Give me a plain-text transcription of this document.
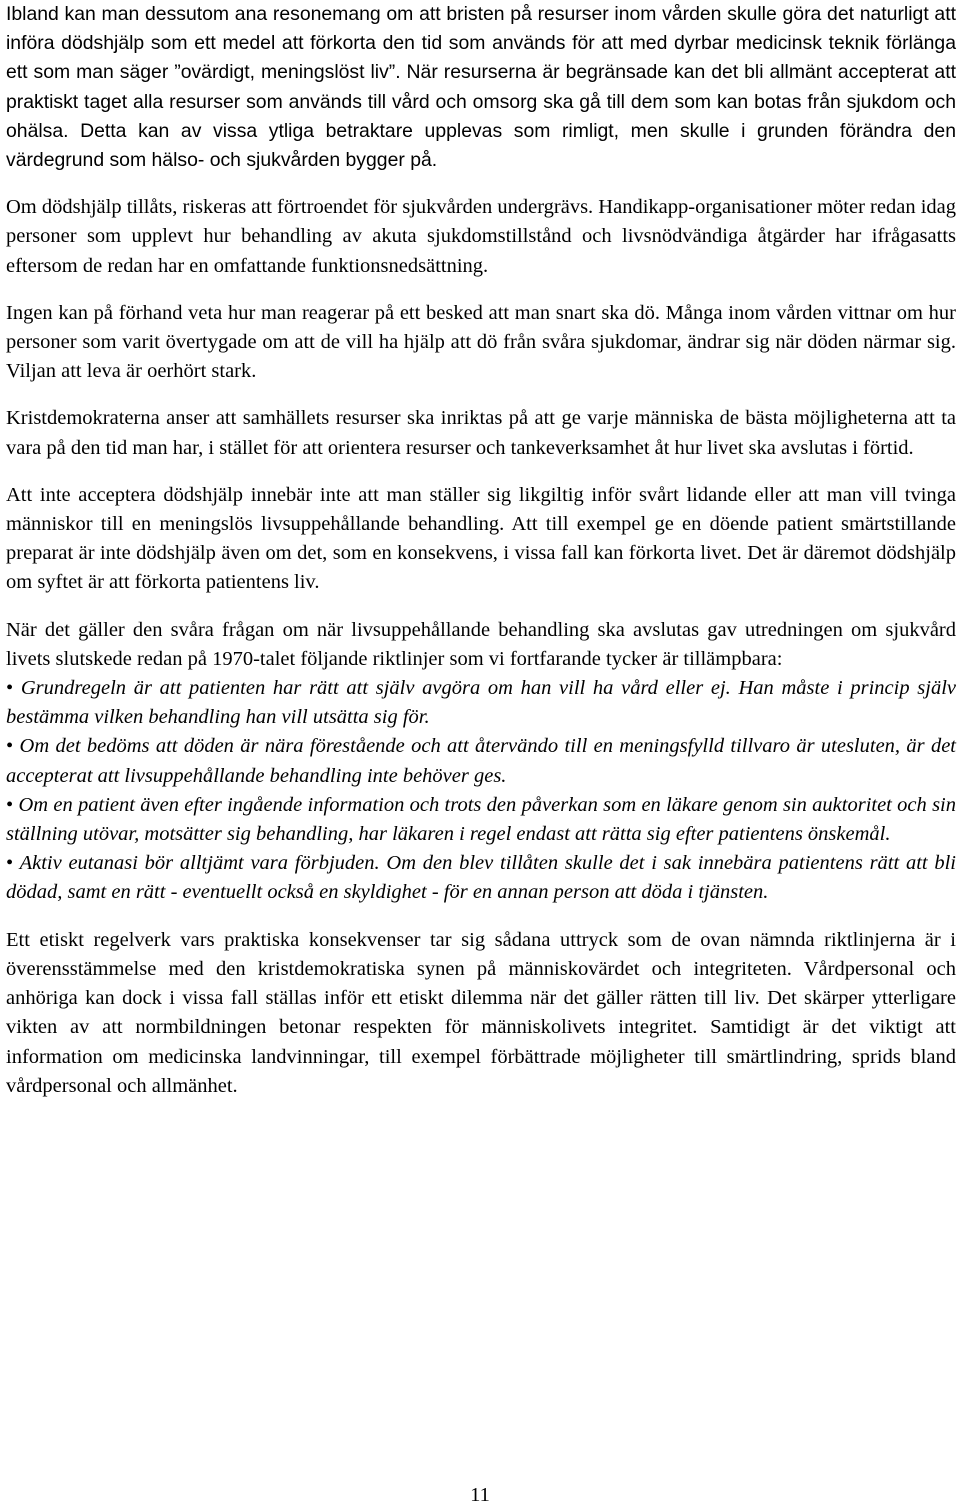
Ibland kan man dessutom ana resonemang om att bristen på resurser inom vården skulle göra det naturligt att införa dödshjälp som ett medel att förkorta den tid som används för att med dyrbar medicinsk teknik förlänga ett som man säger ”ovärdigt, meningslöst liv”. När resurserna är begränsade kan det bli allmänt accepterat att praktiskt taget alla resurser som används till vård och omsorg ska gå till dem som kan botas från sjukdom och ohälsa. Detta kan av vissa ytliga betraktare upplevas som rimligt, men skulle i grunden förändra den värdegrund som hälso- och sjukvården bygger på.

Om dödshjälp tillåts, riskeras att förtroendet för sjukvården undergrävs. Handikapp-organisationer möter redan idag personer som upplevt hur behandling av akuta sjukdomstillstånd och livsnödvändiga åtgärder har ifrågasatts eftersom de redan har en omfattande funktionsnedsättning.

Ingen kan på förhand veta hur man reagerar på ett besked att man snart ska dö. Många inom vården vittnar om hur personer som varit övertygade om att de vill ha hjälp att dö från svåra sjukdomar, ändrar sig när döden närmar sig. Viljan att leva är oerhört stark.

Kristdemokraterna anser att samhällets resurser ska inriktas på att ge varje människa de bästa möjligheterna att ta vara på den tid man har, i stället för att orientera resurser och tankeverksamhet åt hur livet ska avslutas i förtid.

Att inte acceptera dödshjälp innebär inte att man ställer sig likgiltig inför svårt lidande eller att man vill tvinga människor till en meningslös livsuppehållande behandling. Att till exempel ge en döende patient smärtstillande preparat är inte dödshjälp även om det, som en konsekvens, i vissa fall kan förkorta livet. Det är däremot dödshjälp om syftet är att förkorta patientens liv.

När det gäller den svåra frågan om när livsuppehållande behandling ska avslutas gav utredningen om sjukvård livets slutskede redan på 1970-talet följande riktlinjer som vi fortfarande tycker är tillämpbara:

• Grundregeln är att patienten har rätt att själv avgöra om han vill ha vård eller ej. Han måste i princip själv bestämma vilken behandling han vill utsätta sig för.
• Om det bedöms att döden är nära förestående och att återvändo till en meningsfylld tillvaro är utesluten, är det accepterat att livsuppehållande behandling inte behöver ges.
• Om en patient även efter ingående information och trots den påverkan som en läkare genom sin auktoritet och sin ställning utövar, motsätter sig behandling, har läkaren i regel endast att rätta sig efter patientens önskemål.
• Aktiv eutanasi bör alltjämt vara förbjuden. Om den blev tillåten skulle det i sak innebära patientens rätt att bli dödad, samt en rätt - eventuellt också en skyldighet - för en annan person att döda i tjänsten.

Ett etiskt regelverk vars praktiska konsekvenser tar sig sådana uttryck som de ovan nämnda riktlinjerna är i överensstämmelse med den kristdemokratiska synen på människovärdet och integriteten. Vårdpersonal och anhöriga kan dock i vissa fall ställas inför ett etiskt dilemma när det gäller rätten till liv. Det skärper ytterligare vikten av att normbildningen betonar respekten för människolivets integritet. Samtidigt är det viktigt att information om medicinska landvinningar, till exempel förbättrade möjligheter till smärtlindring, sprids bland vårdpersonal och allmänhet.

11
